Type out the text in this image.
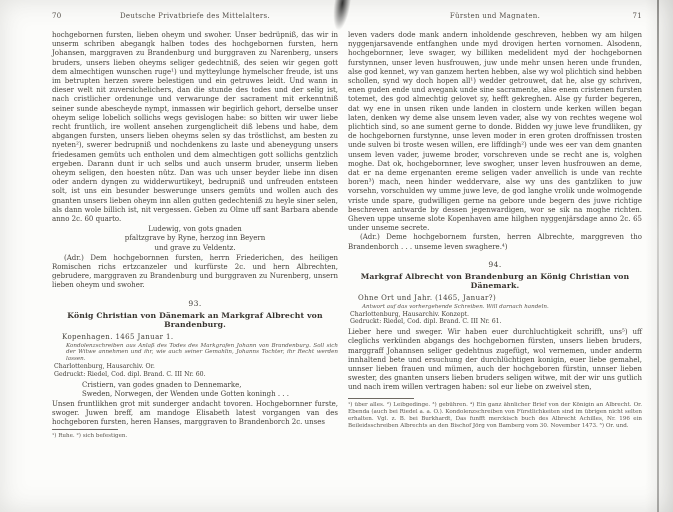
70	Deutsche Privatbriefe des Mittelalters.
hochgebornen fursten, lieben oheym und swoher. Unser bedrüpniß, das wir in unserm schriben abegangk halben todes des hochgebornen fursten, hern Johansen, marggraven zu Brandenburg und burggraven zu Narenberg, unsers bruders, unsers lieben oheyms seliger gedechtniß, des seien wir gegen gott dem almechtigen wunschen ruge¹) und mytteylunge hymelscher freude, ist uns im betrupten herzen swere belestigen und ein getruwes leidt. Und wann in dieser welt nit zuversichelichers, dan die stunde des todes und der selig ist, nach cristlicher ordenunge und verwarunge der sacrament mit erkenntniß seiner sunde abescheyde nympt, inmassen wir begirlich gehort, derselbe unser oheym selige lobelich sollichs wegs gevislogen habe: so bitten wir uwer liebe recht fruntlich, ire wollent ansehen zurgenglicheit diß lebens und habe, dem abgangen fursten, unsers lieben oheyms selen sy das tröstlichst, am besten zu nyeten²), swerer bedrupniß und nochdenkens zu laste und abeneygung unsers friedesamen gemüts uch entholen und dem almechtigen gott sollichs gentzlich ergeben. Darann dunt ir uch selbs und auch unserm bruder, unserm lieben oheym seligen, den hoesten nütz. Dan was uch unser beyder liebe inn disen oder andern dyngen zu widderwurtikeyt, bedrupniß und unfreuden entsteen solt, ist uns ein besunder beswerunge unsers gemüts und wollen auch des gnanten unsers lieben oheym inn allen gutten gedechteniß zu heyle siner selen, als dann wole billich ist, nit vergessen. Geben zu Olme uff sant Barbara abende anno 2c. 60 quarto.
Ludewig, von gots gnaden
pfaltzgrave by Ryne, herzog inn Beyern
und grave zu Veldentz.
(Adr.) Dem hochgebornnen fursten, herrn Friederichen, des heiligen Romischen richs ertzcanzeler und kurfürste 2c. und hern Albrechten, gebrudere, marggraven zu Brandenburg und burggraven zu Nurenberg, unsern lieben oheym und swoher.
93.
König Christian von Dänemark an Markgraf Albrecht von Brandenburg.
Kopenhagen. 1465 Januar 1.
Kondolenzschreiben aus Anlaß des Todes des Markgrafen Johann von Brandenburg. Soll sich der Witwe annehmen und ihr, wie auch seiner Gemahlin, Johanns Tochter, ihr Recht werden lassen.
Charlottenburg, Hausarchiv. Or.
Gedruckt: Riedel, Cod. dipl. Brand. C. III Nr. 60.
Cristiern, van godes gnaden to Dennemarke,
Sweden, Norwegen, der Wenden unde Gotten koningh . . .
Unsen fruntlikhen grot mit sunderger andacht tovoren. Hochgebornner furste, swoger. Juwen breff, am mandoge Elisabeth latest vorgangen van des hochgeboren fursten, heren Hanses, marggraven to Brandenborch 2c. unses
¹) Ruhe. ²) sich befestigen.
Fürsten und Magnaten.	71
leven vaders dode mank andern inholdende geschreven, hebben wy am hilgen nyggenjarsavende entfanghen unde myd drovigen herten vornomen. Alsodenn, hochgebornner, leve swager, wy billiken medelident myd der hochgebornen furstynnen, unser leven husfrouwen, juw unde mehr unsen heren unde frunden, alse god kennet, wy van ganzem herten hebben, alse wy wol plichtich sind hebben schollen, synd wy doch hopen all¹) wedder getrouwet, dat he, alse gy schriven, enen guden ende und avegank unde sine sacramente, alse enem cristenen fursten totemet, des god almechtig gelovet sy, hefft gekreghen. Alse gy furder begeren, dat wy ene in unsen riken unde landen in clostern unde kerken willen began laten, denken wy deme alse unsem leven vader, alse wy von rechtes wegene wol plichtich sind, so ane sument gerne to donde. Bidden wy juwe leve frundliken, gy de hochgebornen furstynne, unse leven moder in eren groten droffnissen trosten unde sulven bi troste wesen willen, ere liffdingh²) unde wes eer van dem gnanten unsem leven vader, juweme broder, vorschreven unde se recht ane is, volghen moghe. Dat ok, hochgebornner, leve swogher, unser leven husfrouwen an deme, dat er na deme ergenanten ereme seligen vader anvellich is unde van rechte boren³) mach, neen hinder weddervare, alse wy uns des gantzliken to juw vorsehn, vorschulden wy umme juwe leve, de god langhe vrolik unde wolmogende vriste unde spare, gudwilligen gerne na gebore unde begern des juwe richtige beschreven antwarde by dessen jegenwardigen, wor se sik na moghe richten. Gheven uppe unseme slote Kopenhaven ame hilghen nyggenjärsdage anno 2c. 65 under unseme secrete.
(Adr.) Deme hochgebornem fursten, herren Albrechte, marggreven tho Brandenborch . . . unseme leven swaghere.⁴)
94.
Markgraf Albrecht von Brandenburg an König Christian von Dänemark.
Ohne Ort und Jahr. (1465, Januar?)
Antwort auf das vorhergehende Schreiben. Will darnach handeln.
Charlottenburg, Hausarchiv. Konzept.
Gedruckt: Riedel, Cod. dipl. Brand. C. III Nr. 61.
Lieber here und sweger. Wir haben euer durchluchtigkeit schrifft, uns⁵) uff cleglichs verkünden abgangs des hochgebornen fürsten, unsers lieben bruders, marggraff Johannsen seliger gedehtnus zugefügt, wol vernemen, under anderm innhaltend bete und ersuchung der durchlüchtigen konigin, euer liebe gemahel, unnser lieben frauen und mümen, auch der hochgeboren fürstin, unnser lieben swester, des gnanten unsers lieben bruders seligen witwe, mit der wir uns gutlich und nach irem willen vertragen haben: sol eur liebe on zweivel sten,
¹) über alles. ²) Leibgedinge. ³) gebühren. ⁴) Ein ganz ähnlicher Brief von der Königin an Albrecht. Or. Ebenda (auch bei Riedel a. a. O.). Kondolenzschreiben von Fürstlichkeiten sind im übrigen nicht selten erhalten. Vgl. z. B. bei Burkhardt, Das funfft merckisch buch des Albrecht Achilles, Nr. 196 ein Beileidsschreiben Albrechts an den Bischof Jörg von Bamberg vom 30. November 1473. ⁵) Or. und.
